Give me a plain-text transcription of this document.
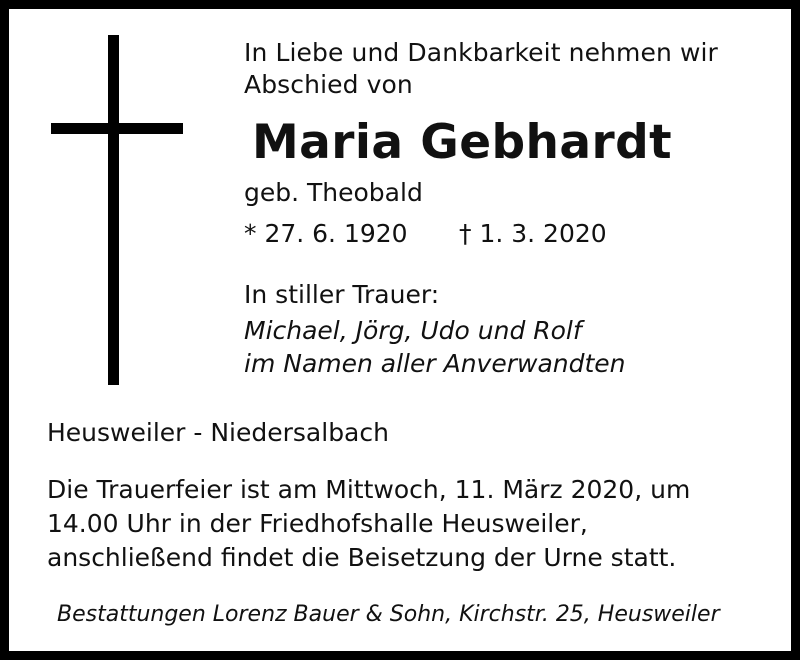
In Liebe und Dankbarkeit nehmen wir
Abschied von
Maria Gebhardt
geb. Theobald
* 27. 6. 1920	† 1. 3. 2020
In stiller Trauer:
Michael, Jörg, Udo und Rolf
im Namen aller Anverwandten
Heusweiler - Niedersalbach
Die Trauerfeier ist am Mittwoch, 11. März 2020, um
14.00 Uhr in der Friedhofshalle Heusweiler,
anschließend findet die Beisetzung der Urne statt.
Bestattungen Lorenz Bauer & Sohn, Kirchstr. 25, Heusweiler
